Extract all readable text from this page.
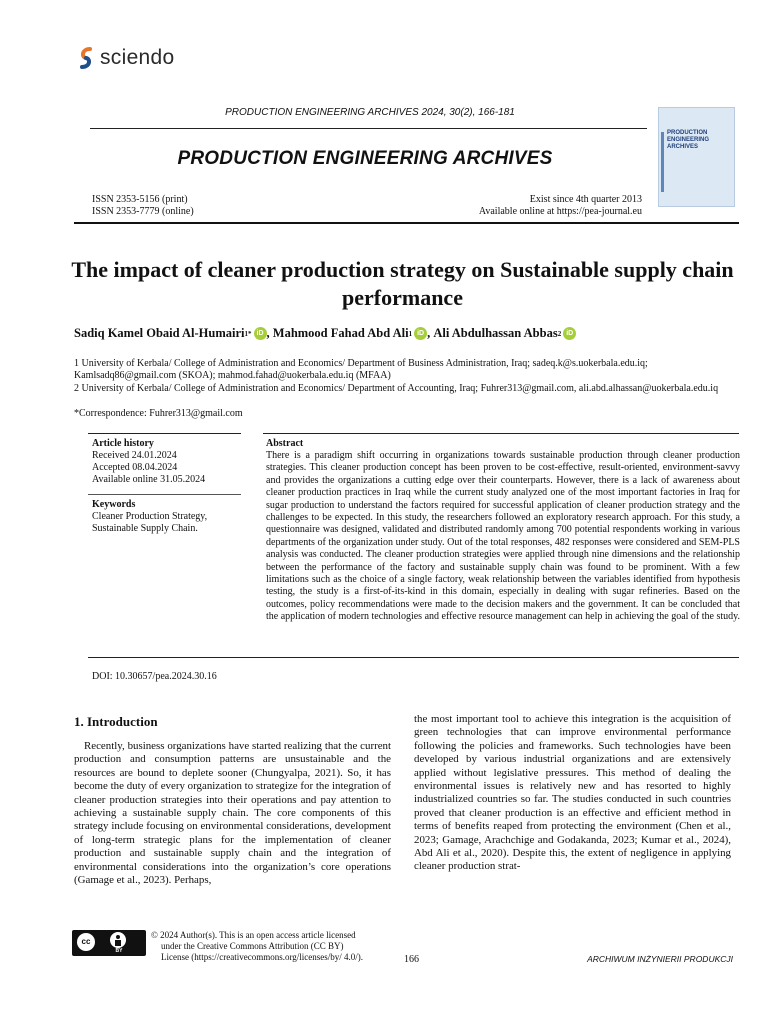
sciendo
PRODUCTION ENGINEERING ARCHIVES 2024, 30(2), 166-181
PRODUCTION ENGINEERING ARCHIVES
PRODUCTION ENGINEERING ARCHIVES
ISSN 2353-5156 (print)
ISSN 2353-7779 (online)
Exist since 4th quarter 2013
Available online at https://pea-journal.eu
The impact of cleaner production strategy on Sustainable supply chain performance
Sadiq Kamel Obaid Al-Humairi 1* iD , Mahmood Fahad Abd Ali 1 iD , Ali Abdulhassan Abbas 2 iD
1 University of Kerbala/ College of Administration and Economics/ Department of Business Administration, Iraq; sadeq.k@s.uokerbala.edu.iq; Kamlsadq86@gmail.com (SKOA); mahmod.fahad@uokerbala.edu.iq (MFAA)
2 University of Kerbala/ College of Administration and Economics/ Department of Accounting, Iraq; Fuhrer313@gmail.com, ali.abd.alhassan@uokerbala.edu.iq
*Correspondence: Fuhrer313@gmail.com
Article history
Received 24.01.2024
Accepted 08.04.2024
Available online 31.05.2024
Keywords
Cleaner Production Strategy,
Sustainable Supply Chain.
Abstract
There is a paradigm shift occurring in organizations towards sustainable production through cleaner production strategies. This cleaner production concept has been proven to be cost-effective, result-oriented, environment-savvy and provides the organizations a cutting edge over their counterparts. However, there is a lack of awareness about cleaner production practices in Iraq while the current study analyzed one of the most important factories in Iraq for sugar production to understand the factors required for successful application of cleaner production strategy and the challenges to be expected. In this study, the researchers followed an exploratory research approach. For this study, a questionnaire was designed, validated and distributed randomly among 700 potential respondents working in various departments of the organization under study. Out of the total responses, 482 responses were considered and SEM-PLS analysis was conducted. The cleaner production strategies were applied through nine dimensions and the relationship between the performance of the factory and sustainable supply chain was found to be prominent. With a few limitations such as the choice of a single factory, weak relationship between the variables identified from hypothesis testing, the study is a first-of-its-kind in this domain, especially in dealing with sugar refineries. Based on the outcomes, policy recommendations were made to the decision makers and the government. It can be concluded that the application of modern technologies and effective resource management can help in achieving the goal of the study.
DOI: 10.30657/pea.2024.30.16
1. Introduction
Recently, business organizations have started realizing that the current production and consumption patterns are unsustainable and the resources are bound to deplete sooner (Chungyalpa, 2021). So, it has become the duty of every organization to strategize for the integration of cleaner production strategies into their operations and pay attention to achieving a sustainable supply chain. The core components of this strategy include focusing on environmental considerations, development of long-term strategic plans for the implementation of cleaner production and sustainable supply chain and the integration of environmental considerations into the organization’s core operations (Gamage et al., 2023). Perhaps,
the most important tool to achieve this integration is the acquisition of green technologies that can improve environmental performance following the policies and frameworks. Such technologies have been developed by various industrial organizations and are extensively applied without legislative pressures. This method of dealing the environmental issues is relatively new and has resorted to highly industrialized countries so far. The studies conducted in such countries proved that cleaner production is an effective and efficient method in terms of benefits reaped from protecting the environment (Chen et al., 2023; Gamage, Arachchige and Godakanda, 2023; Kumar et al., 2024), Abd Ali et al., 2020). Despite this, the extent of negligence in applying cleaner production strat-
cc
BY
© 2024 Author(s). This is an open access article licensed
under the Creative Commons Attribution (CC BY)
License (https://creativecommons.org/licenses/by/ 4.0/).	166	ARCHIWUM INŻYNIERII PRODUKCJI
